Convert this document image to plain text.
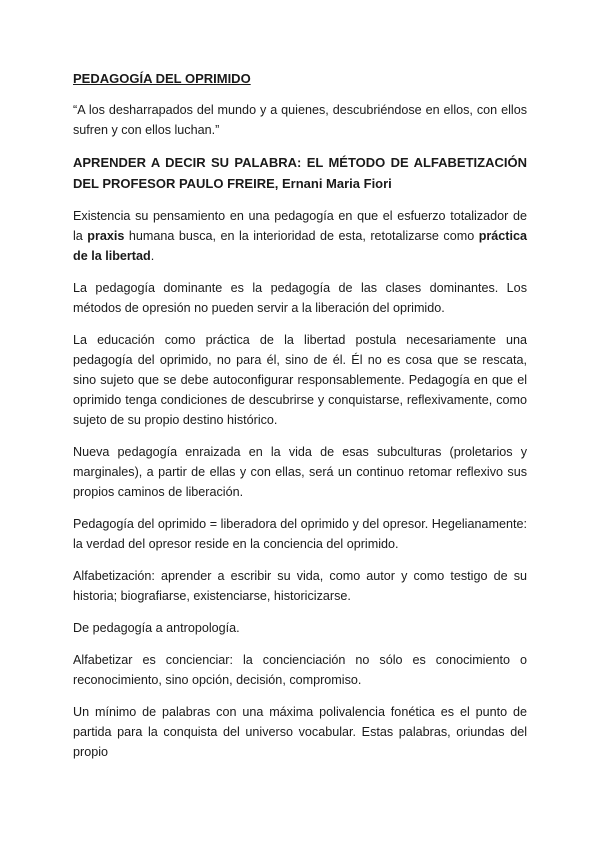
PEDAGOGÍA DEL OPRIMIDO

“A los desharrapados del mundo y a quienes, descubriéndose en ellos, con ellos sufren y con ellos luchan.”

APRENDER A DECIR SU PALABRA: EL MÉTODO DE ALFABETIZACIÓN DEL PROFESOR PAULO FREIRE, Ernani Maria Fiori

Existencia su pensamiento en una pedagogía en que el esfuerzo totalizador de la praxis humana busca, en la interioridad de esta, retotalizarse como práctica de la libertad.

La pedagogía dominante es la pedagogía de las clases dominantes. Los métodos de opresión no pueden servir a la liberación del oprimido.

La educación como práctica de la libertad postula necesariamente una pedagogía del oprimido, no para él, sino de él. Él no es cosa que se rescata, sino sujeto que se debe autoconfigurar responsablemente. Pedagogía en que el oprimido tenga condiciones de descubrirse y conquistarse, reflexivamente, como sujeto de su propio destino histórico.

Nueva pedagogía enraizada en la vida de esas subculturas (proletarios y marginales), a partir de ellas y con ellas, será un continuo retomar reflexivo sus propios caminos de liberación.

Pedagogía del oprimido = liberadora del oprimido y del opresor. Hegelianamente: la verdad del opresor reside en la conciencia del oprimido.

Alfabetización: aprender a escribir su vida, como autor y como testigo de su historia; biografiarse, existenciarse, historicizarse.

De pedagogía a antropología.

Alfabetizar es concienciar: la concienciación no sólo es conocimiento o reconocimiento, sino opción, decisión, compromiso.

Un mínimo de palabras con una máxima polivalencia fonética es el punto de partida para la conquista del universo vocabular. Estas palabras, oriundas del propio
